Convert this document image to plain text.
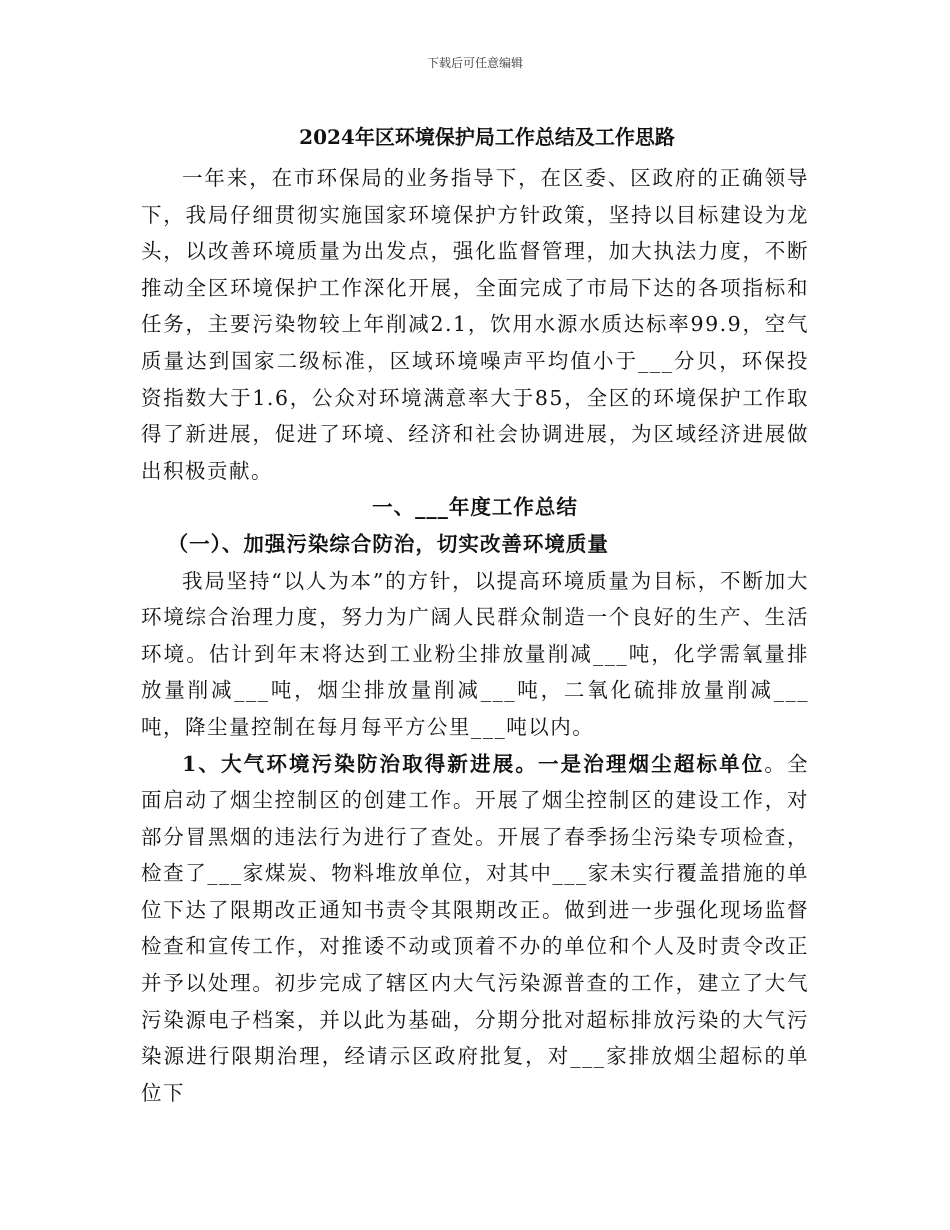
下载后可任意编辑
2024年区环境保护局工作总结及工作思路

一年来，在市环保局的业务指导下，在区委、区政府的正确领导下，我局仔细贯彻实施国家环境保护方针政策，坚持以目标建设为龙头，以改善环境质量为出发点，强化监督管理，加大执法力度，不断推动全区环境保护工作深化开展，全面完成了市局下达的各项指标和任务，主要污染物较上年削减2.1，饮用水源水质达标率99.9，空气质量达到国家二级标准，区域环境噪声平均值小于___分贝，环保投资指数大于1.6，公众对环境满意率大于85，全区的环境保护工作取得了新进展，促进了环境、经济和社会协调进展，为区域经济进展做出积极贡献。

一、___年度工作总结

（一）、加强污染综合防治，切实改善环境质量

我局坚持“以人为本”的方针，以提高环境质量为目标，不断加大环境综合治理力度，努力为广阔人民群众制造一个良好的生产、生活环境。估计到年末将达到工业粉尘排放量削减___吨，化学需氧量排放量削减___吨，烟尘排放量削减___吨，二氧化硫排放量削减___吨，降尘量控制在每月每平方公里___吨以内。

1、大气环境污染防治取得新进展。一是治理烟尘超标单位。全面启动了烟尘控制区的创建工作。开展了烟尘控制区的建设工作，对部分冒黑烟的违法行为进行了查处。开展了春季扬尘污染专项检查，检查了___家煤炭、物料堆放单位，对其中___家未实行覆盖措施的单位下达了限期改正通知书责令其限期改正。做到进一步强化现场监督检查和宣传工作，对推诿不动或顶着不办的单位和个人及时责令改正并予以处理。初步完成了辖区内大气污染源普查的工作，建立了大气污染源电子档案，并以此为基础，分期分批对超标排放污染的大气污染源进行限期治理，经请示区政府批复，对___家排放烟尘超标的单位下
